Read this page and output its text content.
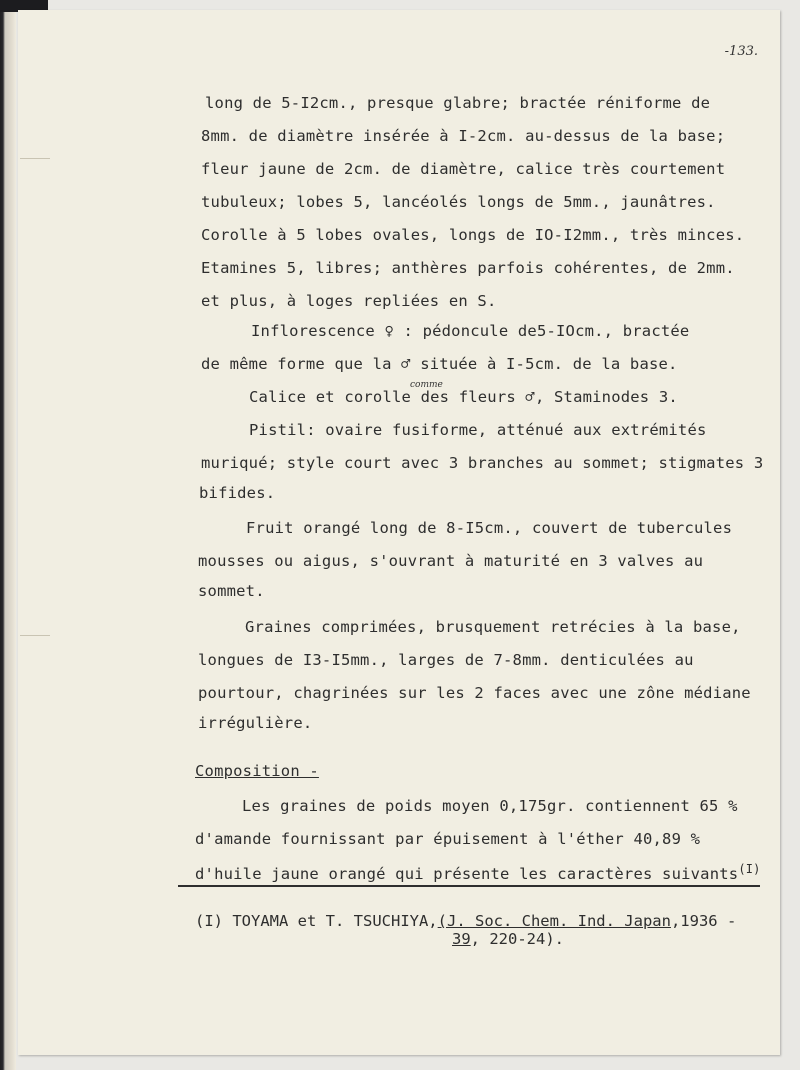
-133.
long de 5-I2cm., presque glabre; bractée réniforme de
8mm. de diamètre insérée à I-2cm. au-dessus de la base;
fleur jaune de 2cm. de diamètre, calice très courtement
tubuleux; lobes 5, lancéolés longs de 5mm., jaunâtres.
Corolle à 5 lobes ovales, longs de IO-I2mm., très minces.
Etamines 5, libres; anthères parfois cohérentes, de 2mm.
et plus, à loges repliées en S.
Inflorescence ♀ : pédoncule de5-IOcm., bractée
de même forme que la ♂ située à I-5cm. de la base.
comme
Calice et corolle des fleurs ♂, Staminodes 3.
Pistil: ovaire fusiforme, atténué aux extrémités
muriqué; style court avec 3 branches au sommet; stigmates 3
bifides.
Fruit orangé long de 8-I5cm., couvert de tubercules
mousses ou aigus, s'ouvrant à maturité en 3 valves au
sommet.
Graines comprimées, brusquement retrécies à la base,
longues de I3-I5mm., larges de 7-8mm. denticulées au
pourtour, chagrinées sur les 2 faces avec une zône médiane
irrégulière.
Composition -
Les graines de poids moyen 0,175gr. contiennent 65 %
d'amande fournissant par épuisement à l'éther 40,89 %
d'huile jaune orangé qui présente les caractères suivants$^{(I)}$
(I) TOYAMA et T. TSUCHIYA,(J. Soc. Chem. Ind. Japan,1936 -
39, 220-24).
